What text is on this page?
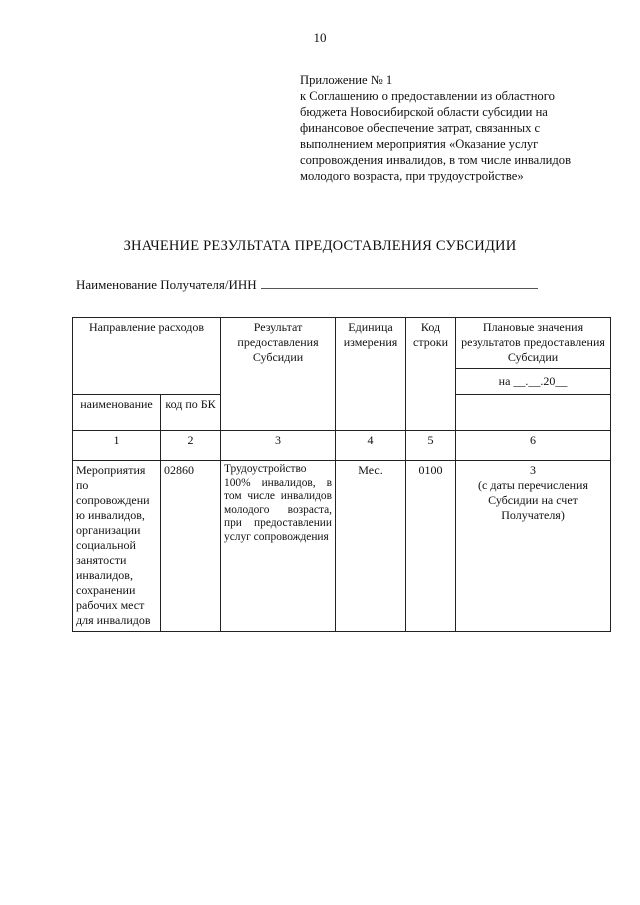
10
Приложение № 1
к Соглашению о предоставлении из областного
бюджета Новосибирской области субсидии на
финансовое обеспечение затрат, связанных с
выполнением мероприятия «Оказание услуг
сопровождения инвалидов, в том числе инвалидов
молодого возраста, при трудоустройстве»
ЗНАЧЕНИЕ РЕЗУЛЬТАТА ПРЕДОСТАВЛЕНИЯ СУБСИДИИ
Наименование Получателя/ИНН
Направление расходов		Результат предоставления Субсидии	Единица измерения	Код строки	Плановые значения результатов предоставления Субсидии
					на __.__.20__
наименование	код по БК				
1	2	3	4	5	6
Мероприятия по сопровождени ю инвалидов, организации социальной занятости инвалидов, сохранении рабочих мест для инвалидов	02860	Трудоустройство 100% инвалидов, в том числе инвалидов молодого возраста, при предоставлении услуг сопровождения	Мес.	0100	3
(с даты перечисления Субсидии на счет Получателя)
